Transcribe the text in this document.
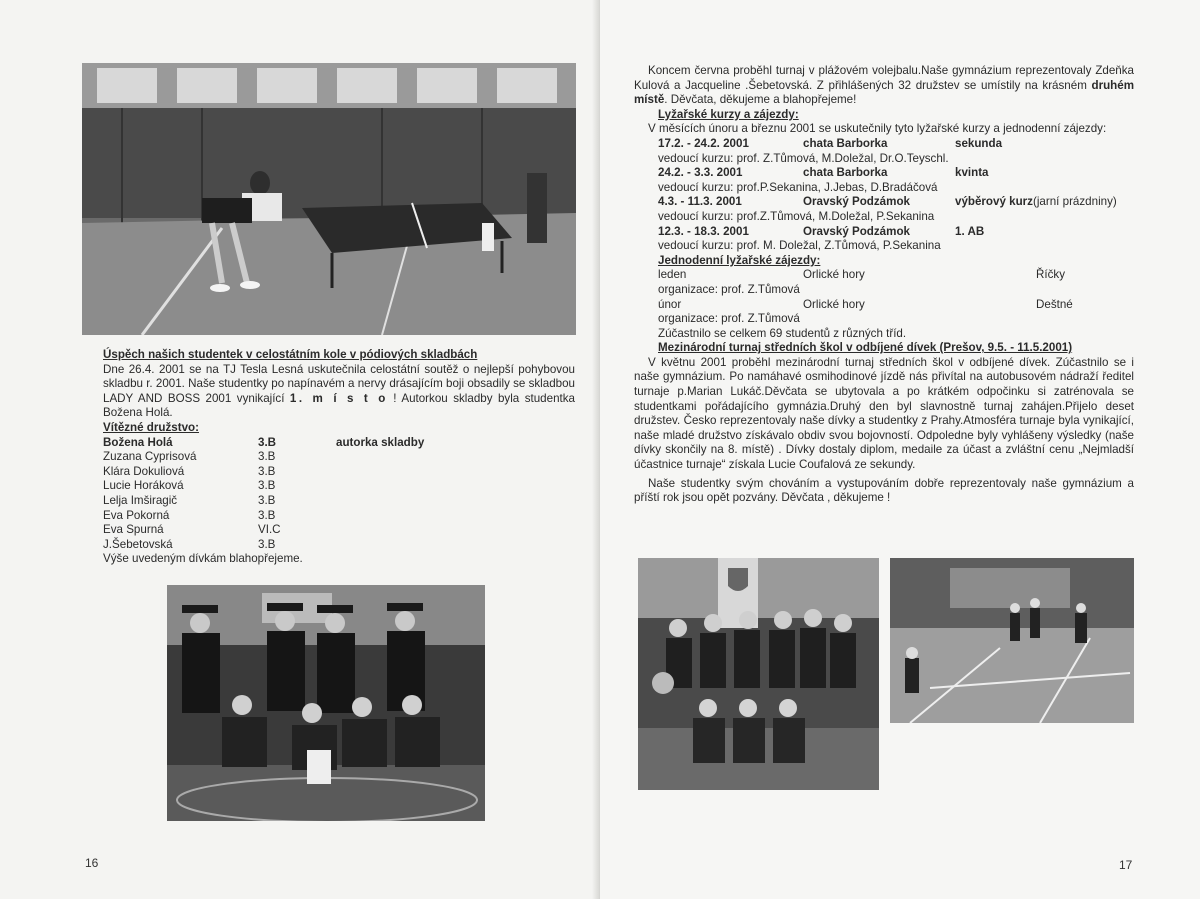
Úspěch našich studentek v celostátním kole v pódiových skladbách

Dne 26.4. 2001 se na TJ Tesla Lesná uskutečnila celostátní soutěž o nejlepší pohybovou skladbu r. 2001. Naše studentky po napínavém a nervy drásajícím boji obsadily se skladbou LADY AND BOSS 2001 vynikající 1. m í s t o ! Autorkou skladby byla studentka Božena Holá.

Vítězné družstvo:

Božena Holá	3.B	autorka skladby
Zuzana Cyprisová	3.B
Klára Dokuliová	3.B
Lucie Horáková	3.B
Lelja Imširagič	3.B
Eva Pokorná	3.B
Eva Spurná	VI.C
J.Šebetovská	3.B

Výše uvedeným dívkám blahopřejeme.

16

Koncem června proběhl turnaj v plážovém volejbalu.Naše gymnázium reprezentovaly Zdeňka Kulová a Jacqueline .Šebetovská. Z přihlášených 32 družstev se umístily na krásném druhém místě. Děvčata, děkujeme a blahopřejeme!

Lyžařské kurzy a zájezdy:

V měsících únoru a březnu 2001 se uskutečnily tyto lyžařské kurzy a jednodenní zájezdy:

17.2. - 24.2. 2001	chata Barborka	sekunda

vedoucí kurzu: prof. Z.Tůmová, M.Doležal, Dr.O.Teyschl.

24.2. - 3.3. 2001	chata Barborka	kvinta

vedoucí kurzu: prof.P.Sekanina, J.Jebas, D.Bradáčová

4.3. - 11.3. 2001	Oravský Podzámok	výběrový kurz (jarní prázdniny)

vedoucí kurzu: prof.Z.Tůmová, M.Doležal, P.Sekanina

12.3. - 18.3. 2001	Oravský Podzámok	1. AB

vedoucí kurzu: prof. M. Doležal, Z.Tůmová, P.Sekanina

Jednodenní lyžařské zájezdy:

leden	Orlické hory	Říčky

organizace: prof. Z.Tůmová

únor	Orlické hory	Deštné

organizace: prof. Z.Tůmová

Zúčastnilo se celkem 69 studentů z různých tříd.

Mezinárodní turnaj středních škol v odbíjené dívek (Prešov, 9.5. - 11.5.2001)

V květnu 2001 proběhl mezinárodní turnaj středních škol v odbíjené dívek. Zúčastnilo se i naše gymnázium. Po namáhavé osmihodinové jízdě nás přivítal na autobusovém nádraží ředitel turnaje p.Marian Lukáč.Děvčata se ubytovala a po krátkém odpočinku si zatrénovala se studentkami pořádajícího gymnázia.Druhý den byl slavnostně turnaj zahájen.Přijelo deset družstev. Česko reprezentovaly naše dívky a studentky z Prahy.Atmosféra turnaje byla vynikající, naše mladé družstvo získávalo obdiv svou bojovností. Odpoledne byly vyhlášeny výsledky (naše dívky skončily na 8. místě) . Dívky dostaly diplom, medaile za účast a zvláštní cenu „Nejmladší účastnice turnaje“ získala Lucie Coufalová ze sekundy.

Naše studentky svým chováním a vystupováním dobře reprezentovaly naše gymnázium a příští rok jsou opět pozvány. Děvčata , děkujeme !

17
